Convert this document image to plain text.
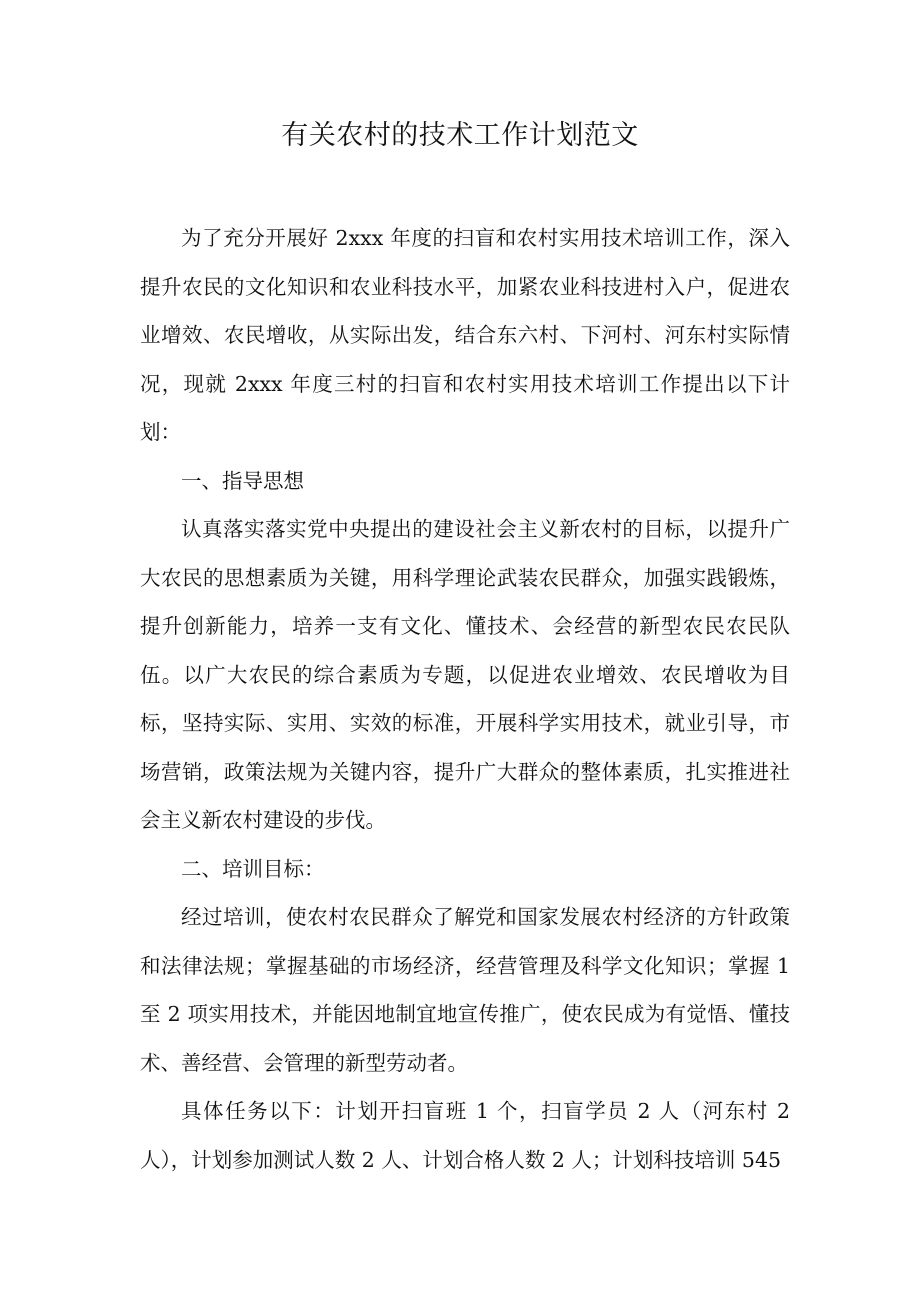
有关农村的技术工作计划范文

为了充分开展好 2xxx 年度的扫盲和农村实用技术培训工作，深入提升农民的文化知识和农业科技水平，加紧农业科技进村入户，促进农业增效、农民增收，从实际出发，结合东六村、下河村、河东村实际情况，现就 2xxx 年度三村的扫盲和农村实用技术培训工作提出以下计划：

一、指导思想

认真落实落实党中央提出的建设社会主义新农村的目标，以提升广大农民的思想素质为关键，用科学理论武装农民群众，加强实践锻炼，提升创新能力，培养一支有文化、懂技术、会经营的新型农民农民队伍。以广大农民的综合素质为专题，以促进农业增效、农民增收为目标，坚持实际、实用、实效的标准，开展科学实用技术，就业引导，市场营销，政策法规为关键内容，提升广大群众的整体素质，扎实推进社会主义新农村建设的步伐。

二、培训目标：

经过培训，使农村农民群众了解党和国家发展农村经济的方针政策和法律法规；掌握基础的市场经济，经营管理及科学文化知识；掌握 1 至 2 项实用技术，并能因地制宜地宣传推广，使农民成为有觉悟、懂技术、善经营、会管理的新型劳动者。

具体任务以下：计划开扫盲班 1 个，扫盲学员 2 人（河东村 2 人），计划参加测试人数 2 人、计划合格人数 2 人；计划科技培训 545
